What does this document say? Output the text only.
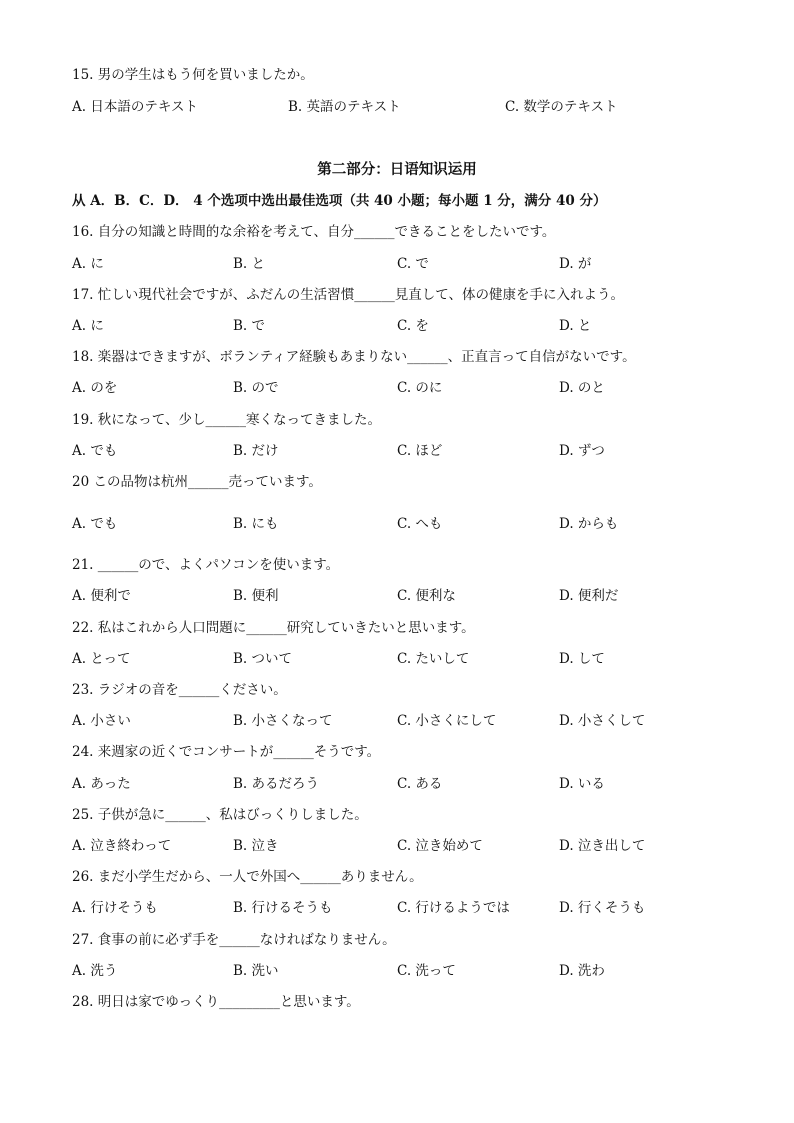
15. 男の学生はもう何を買いましたか。
A. 日本語のテキスト	B. 英語のテキスト	C. 数学のテキスト
第二部分：日语知识运用
从 A．B．C．D． 4 个选项中选出最佳选项（共 40 小题；每小题 1 分，满分 40 分）
16. 自分の知識と時間的な余裕を考えて、自分______できることをしたいです。
A. に	B. と	C. で	D. が
17. 忙しい現代社会ですが、ふだんの生活習慣______見直して、体の健康を手に入れよう。
A. に	B. で	C. を	D. と
18. 楽器はできますが、ボランティア経験もあまりない______、正直言って自信がないです。
A. のを	B. ので	C. のに	D. のと
19. 秋になって、少し______寒くなってきました。
A. でも	B. だけ	C. ほど	D. ずつ
20 この品物は杭州______売っています。
A. でも	B. にも	C. へも	D. からも
21. ______ので、よくパソコンを使います。
A. 便利で	B. 便利	C. 便利な	D. 便利だ
22. 私はこれから人口問題に______研究していきたいと思います。
A. とって	B. ついて	C. たいして	D. して
23. ラジオの音を______ください。
A. 小さい	B. 小さくなって	C. 小さくにして	D. 小さくして
24. 来週家の近くでコンサートが______そうです。
A. あった	B. あるだろう	C. ある	D. いる
25. 子供が急に______、私はびっくりしました。
A. 泣き終わって	B. 泣き	C. 泣き始めて	D. 泣き出して
26. まだ小学生だから、一人で外国へ______ありません。
A. 行けそうも	B. 行けるそうも	C. 行けるようでは	D. 行くそうも
27. 食事の前に必ず手を______なければなりません。
A. 洗う	B. 洗い	C. 洗って	D. 洗わ
28. 明日は家でゆっくり_________と思います。
